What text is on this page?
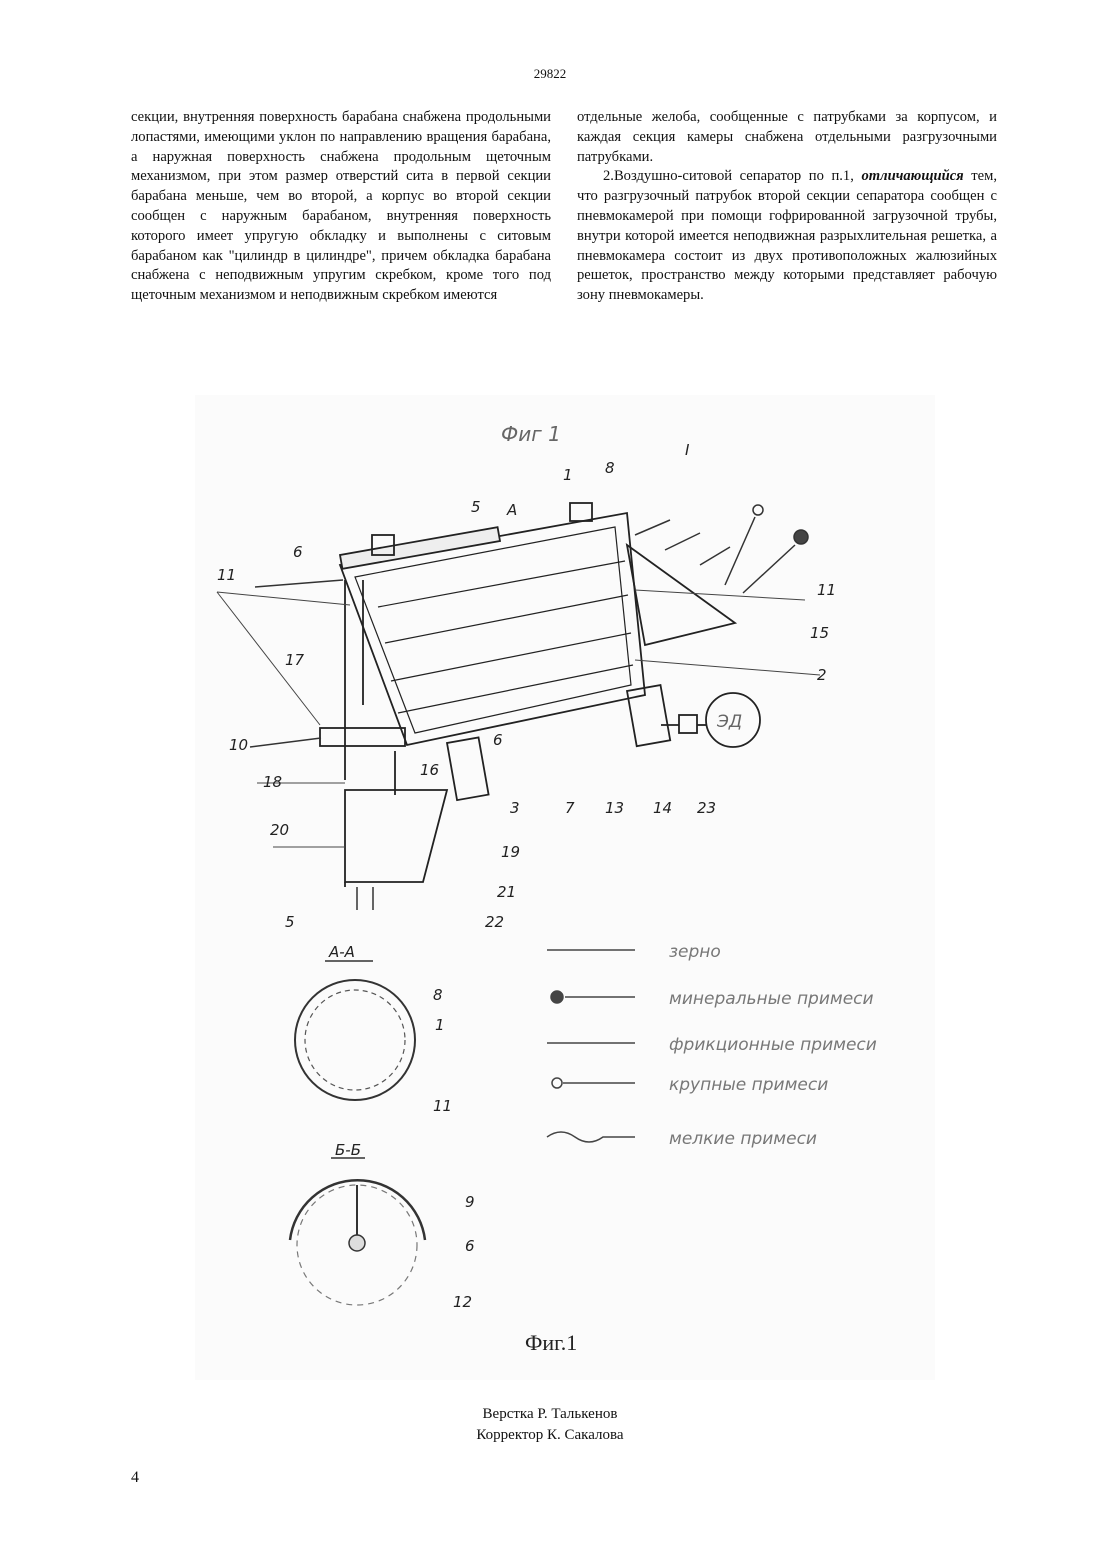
29822

секции, внутренняя поверхность барабана снабжена продольными лопастями, имеющими уклон по направлению вращения барабана, а наружная поверхность снабжена продольным щеточным механизмом, при этом размер отверстий сита в первой секции барабана меньше, чем во второй, а корпус во второй секции сообщен с наружным барабаном, внутренняя поверхность которого имеет упругую обкладку и выполнены с ситовым барабаном как "цилиндр в цилиндре", причем обкладка барабана снабжена с неподвижным упругим скребком, кроме того под щеточным механизмом и неподвижным скребком имеются

отдельные желоба, сообщенные с патрубками за корпусом, и каждая секция камеры снабжена отдельными разгрузочными патрубками.

2.Воздушно-ситовой сепаратор по п.1, отличающийся тем, что разгрузочный патрубок второй секции сепаратора сообщен с пневмокамерой при помощи гофрированной загрузочной трубы, внутри которой имеется неподвижная разрыхлительная решетка, а пневмокамера состоит из двух противоположных жалюзийных решеток, пространство между которыми представляет рабочую зону пневмокамеры.

Фиг 1
ЭД
6
11
5 А
1 8
I
11
15
2
17
10
18
16
6
3	7 13 14 23
20
19
21
5	22
А-А
8
1
11
Б-Б
9
6
12
зерно
минеральные примеси
фрикционные примеси
крупные примеси
мелкие примеси
Фиг.1
Верстка Р. Талькенов
Корректор К. Сакалова
4
